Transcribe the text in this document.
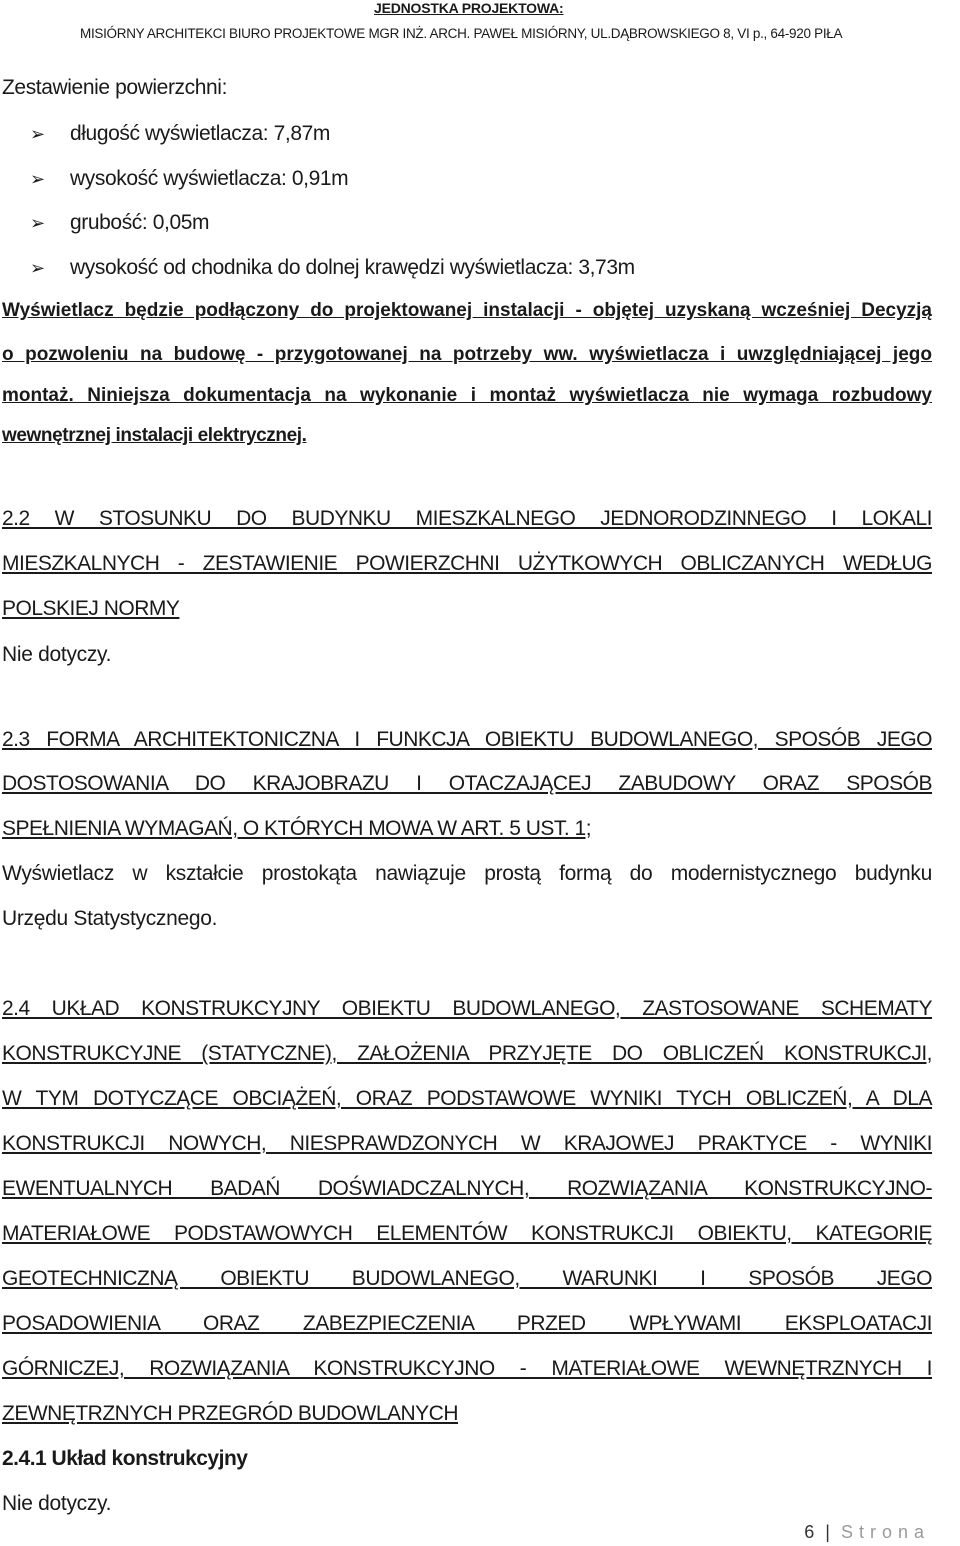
JEDNOSTKA PROJEKTOWA:
MISIÓRNY ARCHITEKCI BIURO PROJEKTOWE MGR INŻ. ARCH. PAWEŁ MISIÓRNY, UL.DĄBROWSKIEGO 8, VI p., 64-920 PIŁA
Zestawienie powierzchni:
➢ długość wyświetlacza: 7,87m
➢ wysokość wyświetlacza: 0,91m
➢ grubość: 0,05m
➢ wysokość od chodnika do dolnej krawędzi wyświetlacza: 3,73m
Wyświetlacz będzie podłączony do projektowanej instalacji - objętej uzyskaną wcześniej Decyzją
o pozwoleniu na budowę - przygotowanej na potrzeby ww. wyświetlacza i uwzględniającej jego
montaż. Niniejsza dokumentacja na wykonanie i montaż wyświetlacza nie wymaga rozbudowy
wewnętrznej instalacji elektrycznej.
2.2 W STOSUNKU DO BUDYNKU MIESZKALNEGO JEDNORODZINNEGO I LOKALI
MIESZKALNYCH - ZESTAWIENIE POWIERZCHNI UŻYTKOWYCH OBLICZANYCH WEDŁUG
POLSKIEJ NORMY
Nie dotyczy.
2.3 FORMA ARCHITEKTONICZNA I FUNKCJA OBIEKTU BUDOWLANEGO, SPOSÓB JEGO
DOSTOSOWANIA DO KRAJOBRAZU I OTACZAJĄCEJ ZABUDOWY ORAZ SPOSÓB
SPEŁNIENIA WYMAGAŃ, O KTÓRYCH MOWA W ART. 5 UST. 1;
Wyświetlacz w kształcie prostokąta nawiązuje prostą formą do modernistycznego budynku
Urzędu Statystycznego.
2.4 UKŁAD KONSTRUKCYJNY OBIEKTU BUDOWLANEGO, ZASTOSOWANE SCHEMATY
KONSTRUKCYJNE (STATYCZNE), ZAŁOŻENIA PRZYJĘTE DO OBLICZEŃ KONSTRUKCJI,
W TYM DOTYCZĄCE OBCIĄŻEŃ, ORAZ PODSTAWOWE WYNIKI TYCH OBLICZEŃ, A DLA
KONSTRUKCJI NOWYCH, NIESPRAWDZONYCH W KRAJOWEJ PRAKTYCE - WYNIKI
EWENTUALNYCH BADAŃ DOŚWIADCZALNYCH, ROZWIĄZANIA KONSTRUKCYJNO-
MATERIAŁOWE PODSTAWOWYCH ELEMENTÓW KONSTRUKCJI OBIEKTU, KATEGORIĘ
GEOTECHNICZNĄ OBIEKTU BUDOWLANEGO, WARUNKI I SPOSÓB JEGO
POSADOWIENIA ORAZ ZABEZPIECZENIA PRZED WPŁYWAMI EKSPLOATACJI
GÓRNICZEJ, ROZWIĄZANIA KONSTRUKCYJNO - MATERIAŁOWE WEWNĘTRZNYCH I
ZEWNĘTRZNYCH PRZEGRÓD BUDOWLANYCH
2.4.1 Układ konstrukcyjny
Nie dotyczy.
6 | Strona
